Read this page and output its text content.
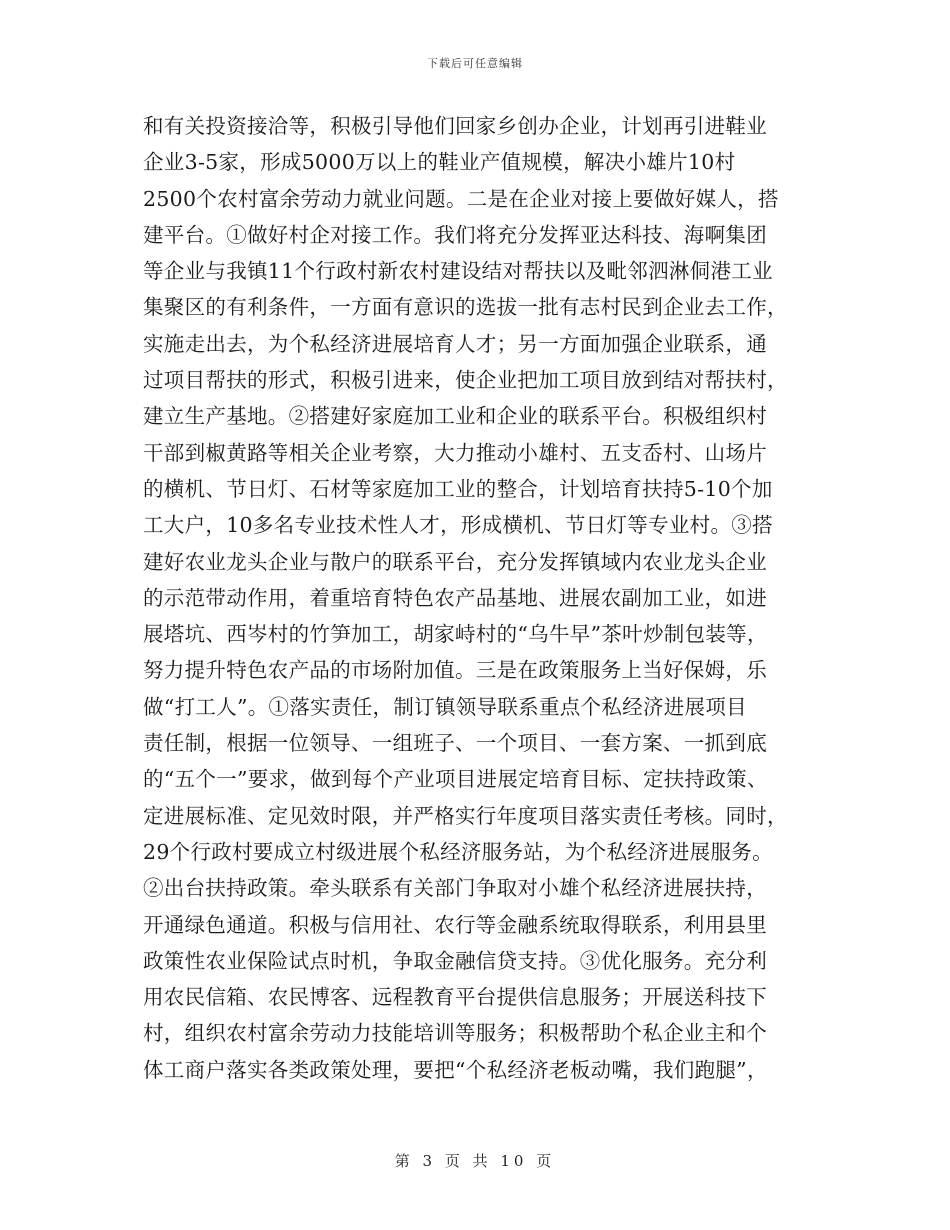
下载后可任意编辑
和有关投资接洽等，积极引导他们回家乡创办企业，计划再引进鞋业
企业3-5家，形成5000万以上的鞋业产值规模，解决小雄片10村
2500个农村富余劳动力就业问题。二是在企业对接上要做好媒人，搭
建平台。①做好村企对接工作。我们将充分发挥亚达科技、海啊集团
等企业与我镇11个行政村新农村建设结对帮扶以及毗邻泗淋侗港工业
集聚区的有利条件，一方面有意识的选拔一批有志村民到企业去工作，
实施走出去，为个私经济进展培育人才；另一方面加强企业联系，通
过项目帮扶的形式，积极引进来，使企业把加工项目放到结对帮扶村，
建立生产基地。②搭建好家庭加工业和企业的联系平台。积极组织村
干部到椒黄路等相关企业考察，大力推动小雄村、五支岙村、山场片
的横机、节日灯、石材等家庭加工业的整合，计划培育扶持5-10个加
工大户，10多名专业技术性人才，形成横机、节日灯等专业村。③搭
建好农业龙头企业与散户的联系平台，充分发挥镇域内农业龙头企业
的示范带动作用，着重培育特色农产品基地、进展农副加工业，如进
展塔坑、西岑村的竹笋加工，胡家峙村的“乌牛早”茶叶炒制包装等，
努力提升特色农产品的市场附加值。三是在政策服务上当好保姆，乐
做“打工人”。①落实责任，制订镇领导联系重点个私经济进展项目
责任制，根据一位领导、一组班子、一个项目、一套方案、一抓到底
的“五个一”要求，做到每个产业项目进展定培育目标、定扶持政策、
定进展标准、定见效时限，并严格实行年度项目落实责任考核。同时，
29个行政村要成立村级进展个私经济服务站，为个私经济进展服务。
②出台扶持政策。牵头联系有关部门争取对小雄个私经济进展扶持，
开通绿色通道。积极与信用社、农行等金融系统取得联系，利用县里
政策性农业保险试点时机，争取金融信贷支持。③优化服务。充分利
用农民信箱、农民博客、远程教育平台提供信息服务；开展送科技下
村，组织农村富余劳动力技能培训等服务；积极帮助个私企业主和个
体工商户落实各类政策处理，要把“个私经济老板动嘴，我们跑腿”，
第 3 页 共 10 页
